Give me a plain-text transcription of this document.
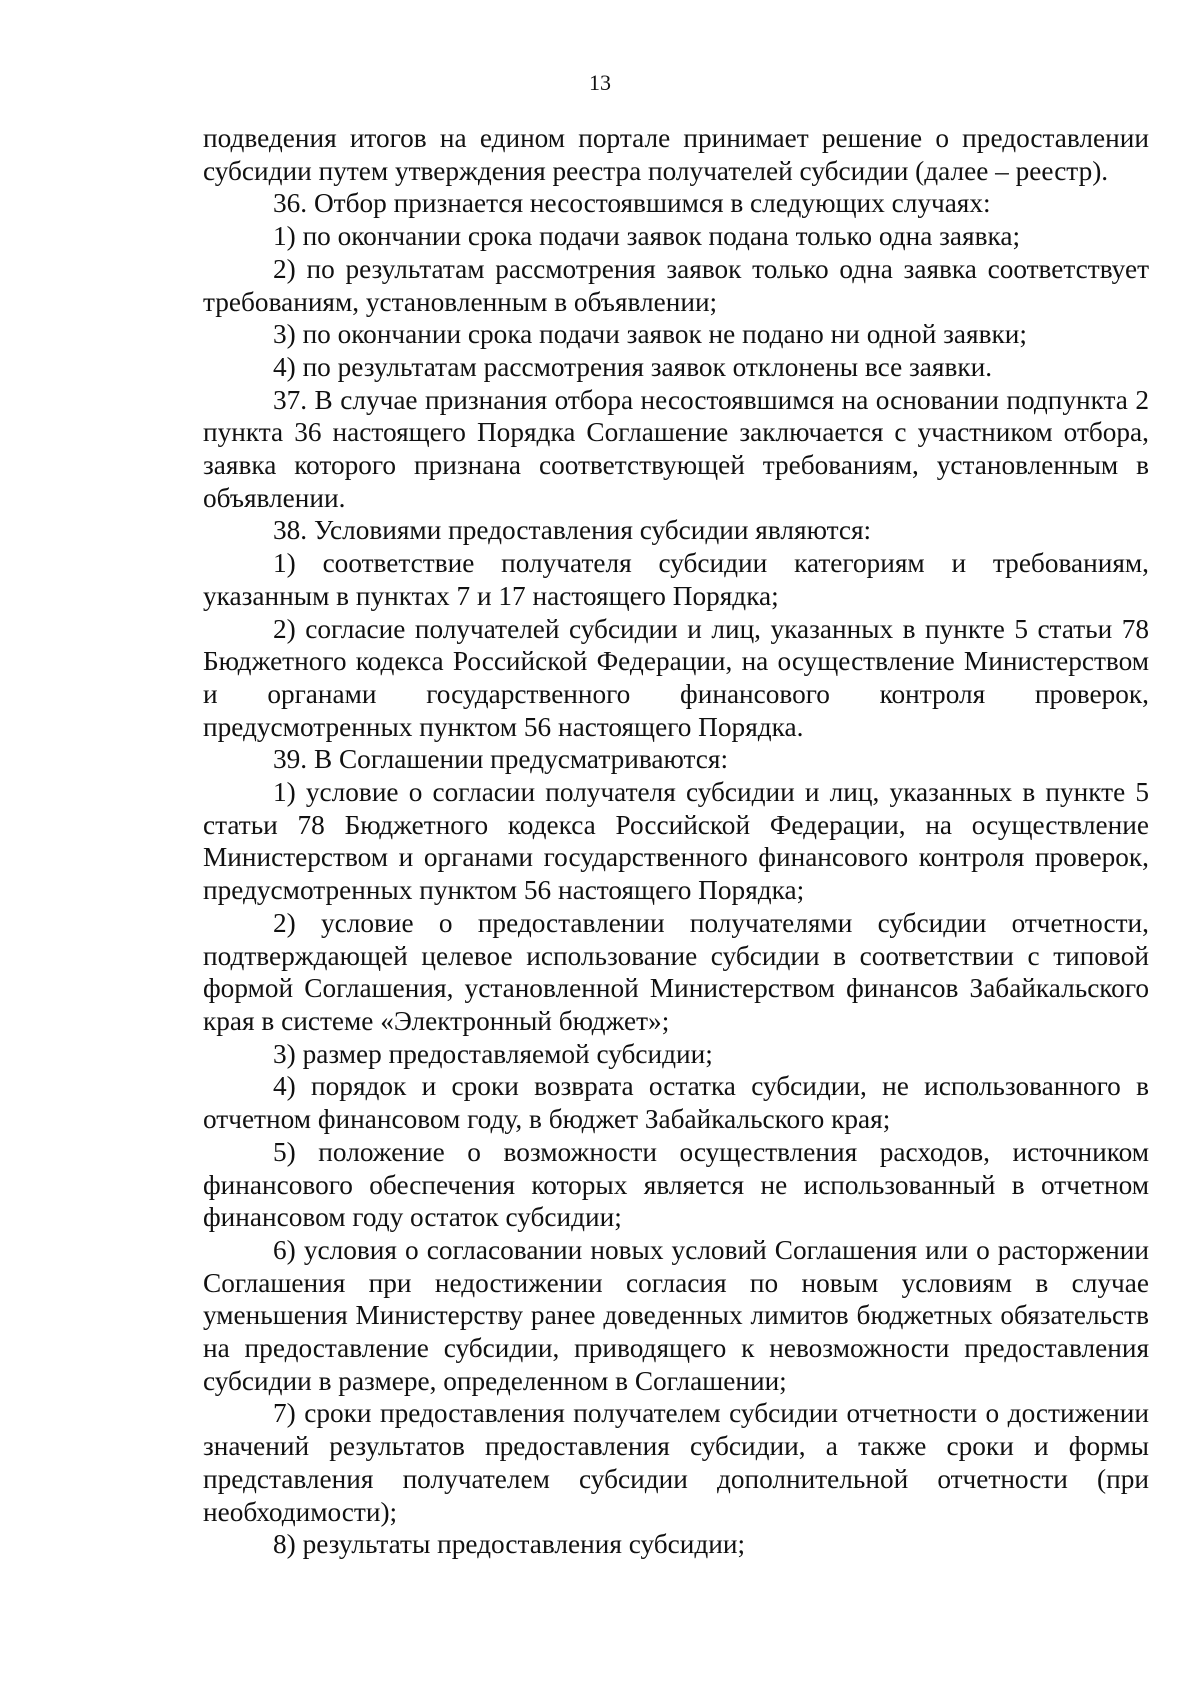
13

подведения итогов на едином портале принимает решение о предоставлении субсидии путем утверждения реестра получателей субсидии (далее – реестр).

36. Отбор признается несостоявшимся в следующих случаях:

1) по окончании срока подачи заявок подана только одна заявка;

2) по результатам рассмотрения заявок только одна заявка соответствует требованиям, установленным в объявлении;

3) по окончании срока подачи заявок не подано ни одной заявки;

4) по результатам рассмотрения заявок отклонены все заявки.

37. В случае признания отбора несостоявшимся на основании подпункта 2 пункта 36 настоящего Порядка Соглашение заключается с участником отбора, заявка которого признана соответствующей требованиям, установленным в объявлении.

38. Условиями предоставления субсидии являются:

1) соответствие получателя субсидии категориям и требованиям, указанным в пунктах 7 и 17 настоящего Порядка;

2) согласие получателей субсидии и лиц, указанных в пункте 5 статьи 78 Бюджетного кодекса Российской Федерации, на осуществление Министерством и органами государственного финансового контроля проверок, предусмотренных пунктом 56 настоящего Порядка.

39. В Соглашении предусматриваются:

1) условие о согласии получателя субсидии и лиц, указанных в пункте 5 статьи 78 Бюджетного кодекса Российской Федерации, на осуществление Министерством и органами государственного финансового контроля проверок, предусмотренных пунктом 56 настоящего Порядка;

2) условие о предоставлении получателями субсидии отчетности, подтверждающей целевое использование субсидии в соответствии с типовой формой Соглашения, установленной Министерством финансов Забайкальского края в системе «Электронный бюджет»;

3) размер предоставляемой субсидии;

4) порядок и сроки возврата остатка субсидии, не использованного в отчетном финансовом году, в бюджет Забайкальского края;

5) положение о возможности осуществления расходов, источником финансового обеспечения которых является не использованный в отчетном финансовом году остаток субсидии;

6) условия о согласовании новых условий Соглашения или о расторжении Соглашения при недостижении согласия по новым условиям в случае уменьшения Министерству ранее доведенных лимитов бюджетных обязательств на предоставление субсидии, приводящего к невозможности предоставления субсидии в размере, определенном в Соглашении;

7) сроки предоставления получателем субсидии отчетности о достижении значений результатов предоставления субсидии, а также сроки и формы представления получателем субсидии дополнительной отчетности (при необходимости);

8) результаты предоставления субсидии;
